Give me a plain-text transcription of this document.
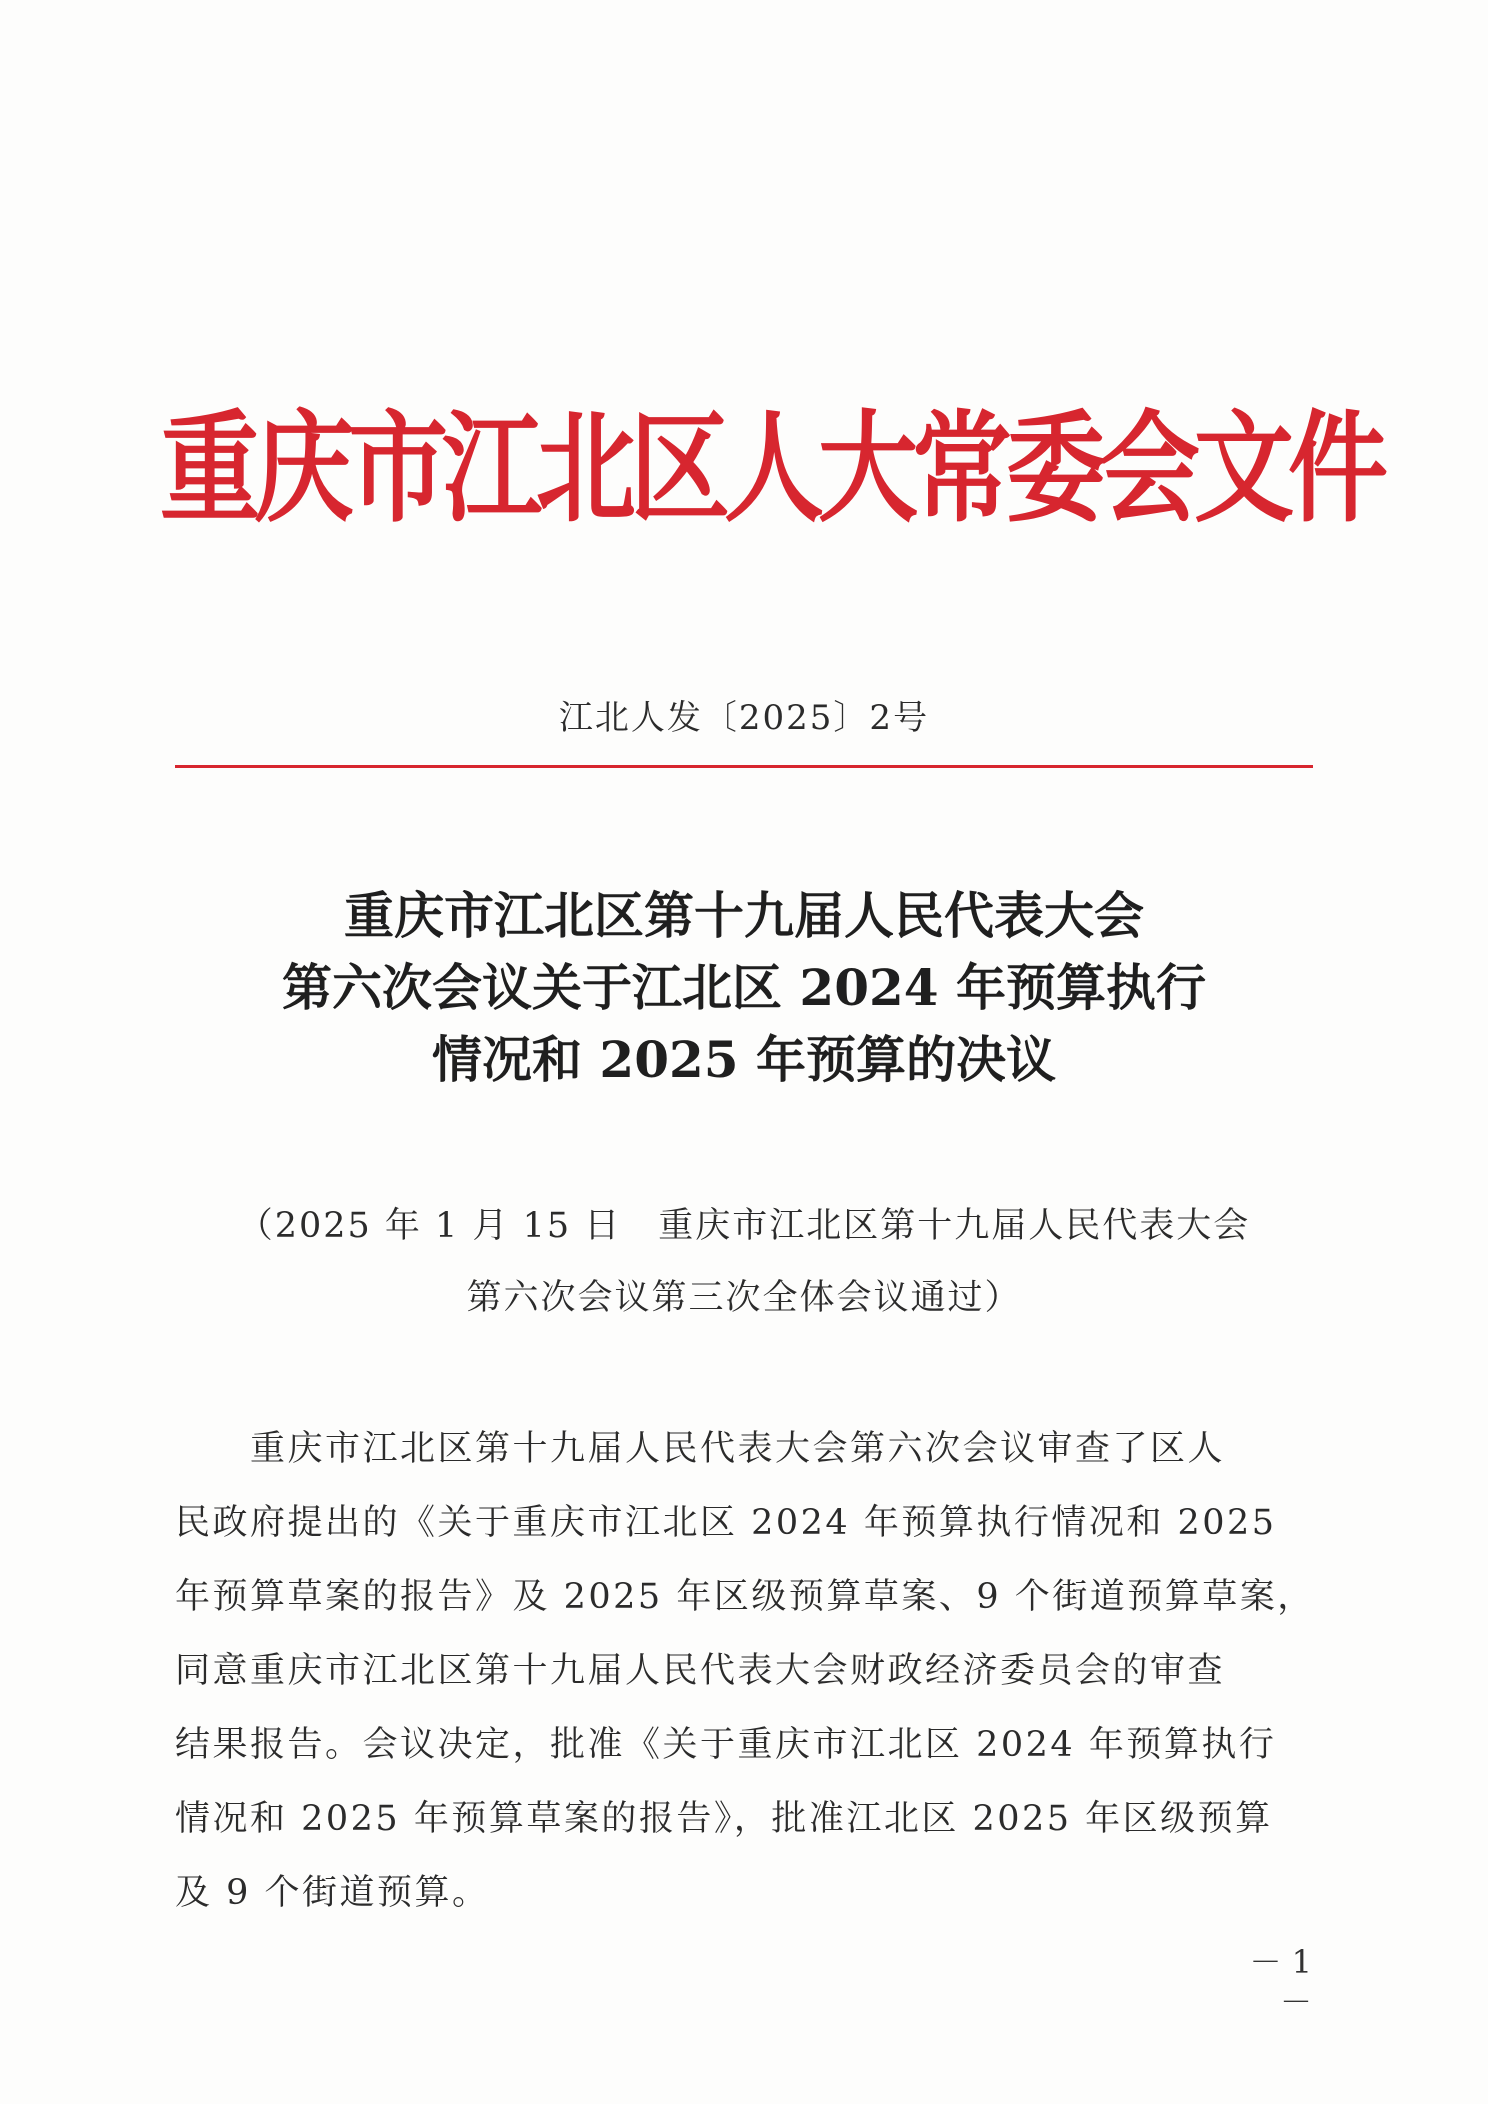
重庆市江北区人大常委会文件
江北人发〔2025〕2号
重庆市江北区第十九届人民代表大会
第六次会议关于江北区 2024 年预算执行
情况和 2025 年预算的决议
（2025 年 1 月 15 日　重庆市江北区第十九届人民代表大会
第六次会议第三次全体会议通过）
　　重庆市江北区第十九届人民代表大会第六次会议审查了区人
民政府提出的《关于重庆市江北区 2024 年预算执行情况和 2025
年预算草案的报告》及 2025 年区级预算草案、9 个街道预算草案，
同意重庆市江北区第十九届人民代表大会财政经济委员会的审查
结果报告。会议决定，批准《关于重庆市江北区 2024 年预算执行
情况和 2025 年预算草案的报告》，批准江北区 2025 年区级预算
及 9 个街道预算。
－ 1 －
